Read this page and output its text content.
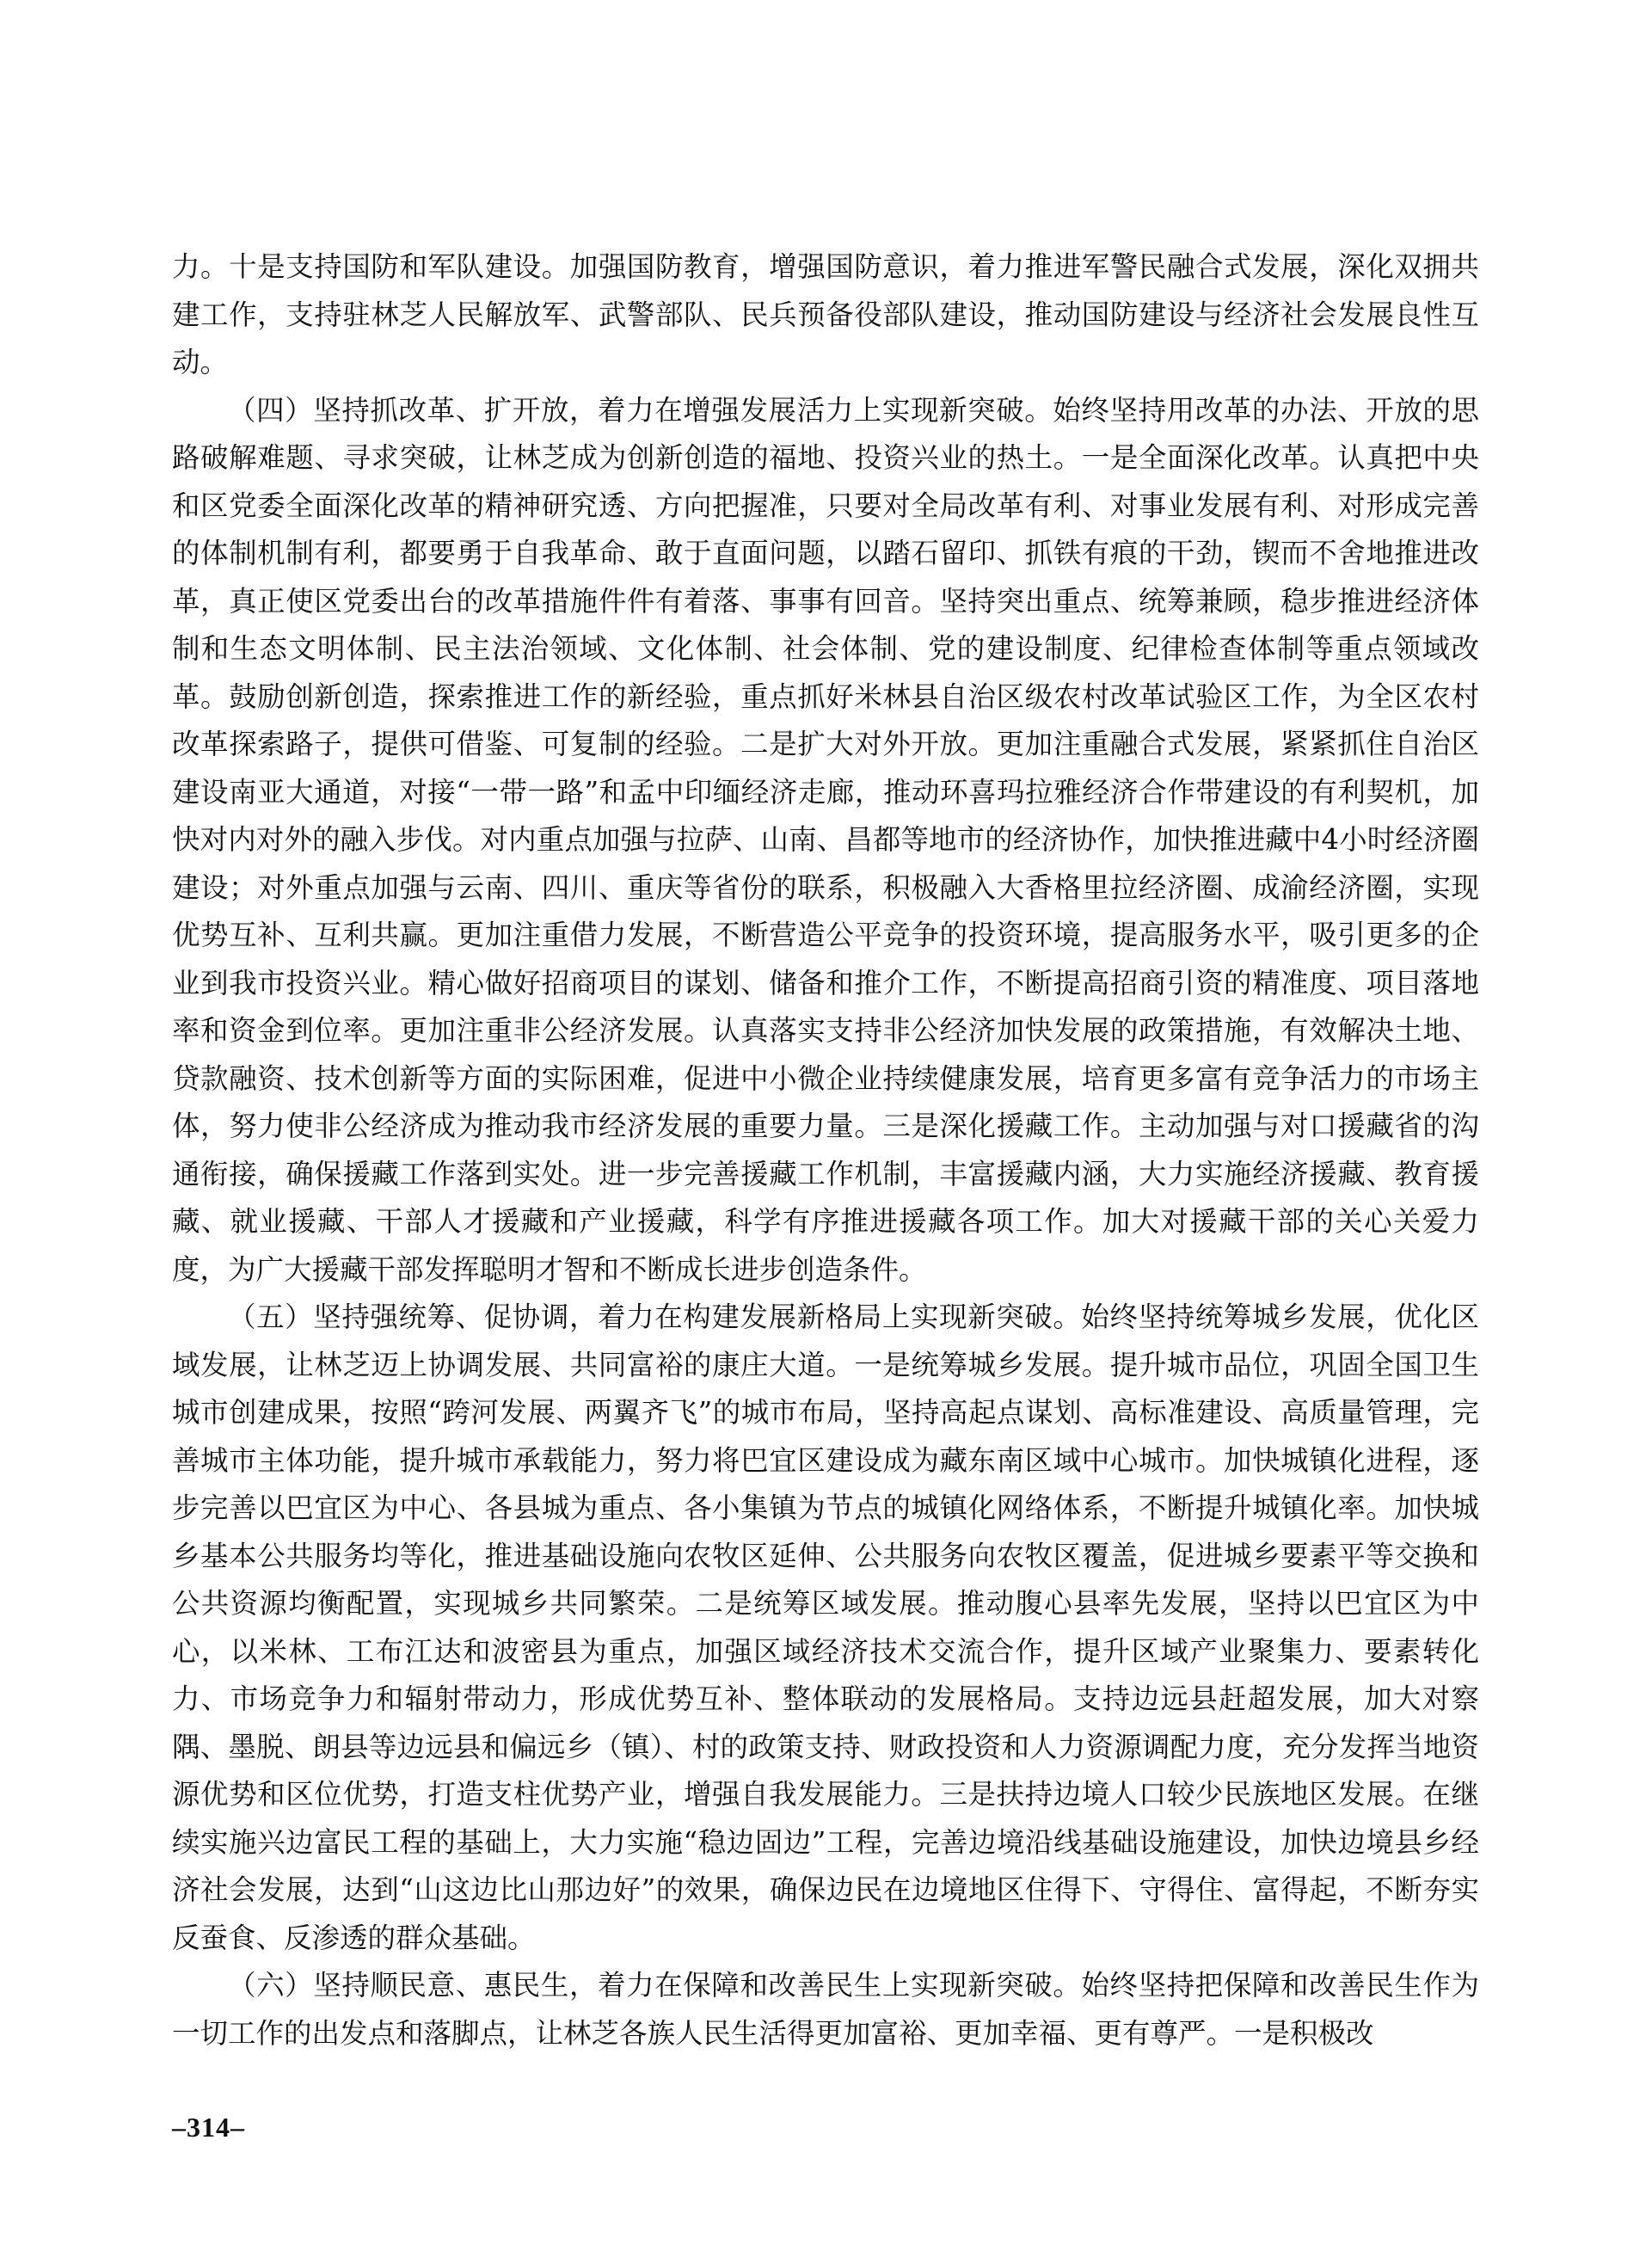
力。十是支持国防和军队建设。加强国防教育，增强国防意识，着力推进军警民融合式发展，深化双拥共建工作，支持驻林芝人民解放军、武警部队、民兵预备役部队建设，推动国防建设与经济社会发展良性互动。

（四）坚持抓改革、扩开放，着力在增强发展活力上实现新突破。始终坚持用改革的办法、开放的思路破解难题、寻求突破，让林芝成为创新创造的福地、投资兴业的热土。一是全面深化改革。认真把中央和区党委全面深化改革的精神研究透、方向把握准，只要对全局改革有利、对事业发展有利、对形成完善的体制机制有利，都要勇于自我革命、敢于直面问题，以踏石留印、抓铁有痕的干劲，锲而不舍地推进改革，真正使区党委出台的改革措施件件有着落、事事有回音。坚持突出重点、统筹兼顾，稳步推进经济体制和生态文明体制、民主法治领域、文化体制、社会体制、党的建设制度、纪律检查体制等重点领域改革。鼓励创新创造，探索推进工作的新经验，重点抓好米林县自治区级农村改革试验区工作，为全区农村改革探索路子，提供可借鉴、可复制的经验。二是扩大对外开放。更加注重融合式发展，紧紧抓住自治区建设南亚大通道，对接“一带一路”和孟中印缅经济走廊，推动环喜玛拉雅经济合作带建设的有利契机，加快对内对外的融入步伐。对内重点加强与拉萨、山南、昌都等地市的经济协作，加快推进藏中4小时经济圈建设；对外重点加强与云南、四川、重庆等省份的联系，积极融入大香格里拉经济圈、成渝经济圈，实现优势互补、互利共赢。更加注重借力发展，不断营造公平竞争的投资环境，提高服务水平，吸引更多的企业到我市投资兴业。精心做好招商项目的谋划、储备和推介工作，不断提高招商引资的精准度、项目落地率和资金到位率。更加注重非公经济发展。认真落实支持非公经济加快发展的政策措施，有效解决土地、贷款融资、技术创新等方面的实际困难，促进中小微企业持续健康发展，培育更多富有竞争活力的市场主体，努力使非公经济成为推动我市经济发展的重要力量。三是深化援藏工作。主动加强与对口援藏省的沟通衔接，确保援藏工作落到实处。进一步完善援藏工作机制，丰富援藏内涵，大力实施经济援藏、教育援藏、就业援藏、干部人才援藏和产业援藏，科学有序推进援藏各项工作。加大对援藏干部的关心关爱力度，为广大援藏干部发挥聪明才智和不断成长进步创造条件。

（五）坚持强统筹、促协调，着力在构建发展新格局上实现新突破。始终坚持统筹城乡发展，优化区域发展，让林芝迈上协调发展、共同富裕的康庄大道。一是统筹城乡发展。提升城市品位，巩固全国卫生城市创建成果，按照“跨河发展、两翼齐飞”的城市布局，坚持高起点谋划、高标准建设、高质量管理，完善城市主体功能，提升城市承载能力，努力将巴宜区建设成为藏东南区域中心城市。加快城镇化进程，逐步完善以巴宜区为中心、各县城为重点、各小集镇为节点的城镇化网络体系，不断提升城镇化率。加快城乡基本公共服务均等化，推进基础设施向农牧区延伸、公共服务向农牧区覆盖，促进城乡要素平等交换和公共资源均衡配置，实现城乡共同繁荣。二是统筹区域发展。推动腹心县率先发展，坚持以巴宜区为中心，以米林、工布江达和波密县为重点，加强区域经济技术交流合作，提升区域产业聚集力、要素转化力、市场竞争力和辐射带动力，形成优势互补、整体联动的发展格局。支持边远县赶超发展，加大对察隅、墨脱、朗县等边远县和偏远乡（镇）、村的政策支持、财政投资和人力资源调配力度，充分发挥当地资源优势和区位优势，打造支柱优势产业，增强自我发展能力。三是扶持边境人口较少民族地区发展。在继续实施兴边富民工程的基础上，大力实施“稳边固边”工程，完善边境沿线基础设施建设，加快边境县乡经济社会发展，达到“山这边比山那边好”的效果，确保边民在边境地区住得下、守得住、富得起，不断夯实反蚕食、反渗透的群众基础。

（六）坚持顺民意、惠民生，着力在保障和改善民生上实现新突破。始终坚持把保障和改善民生作为一切工作的出发点和落脚点，让林芝各族人民生活得更加富裕、更加幸福、更有尊严。一是积极改

–314–
